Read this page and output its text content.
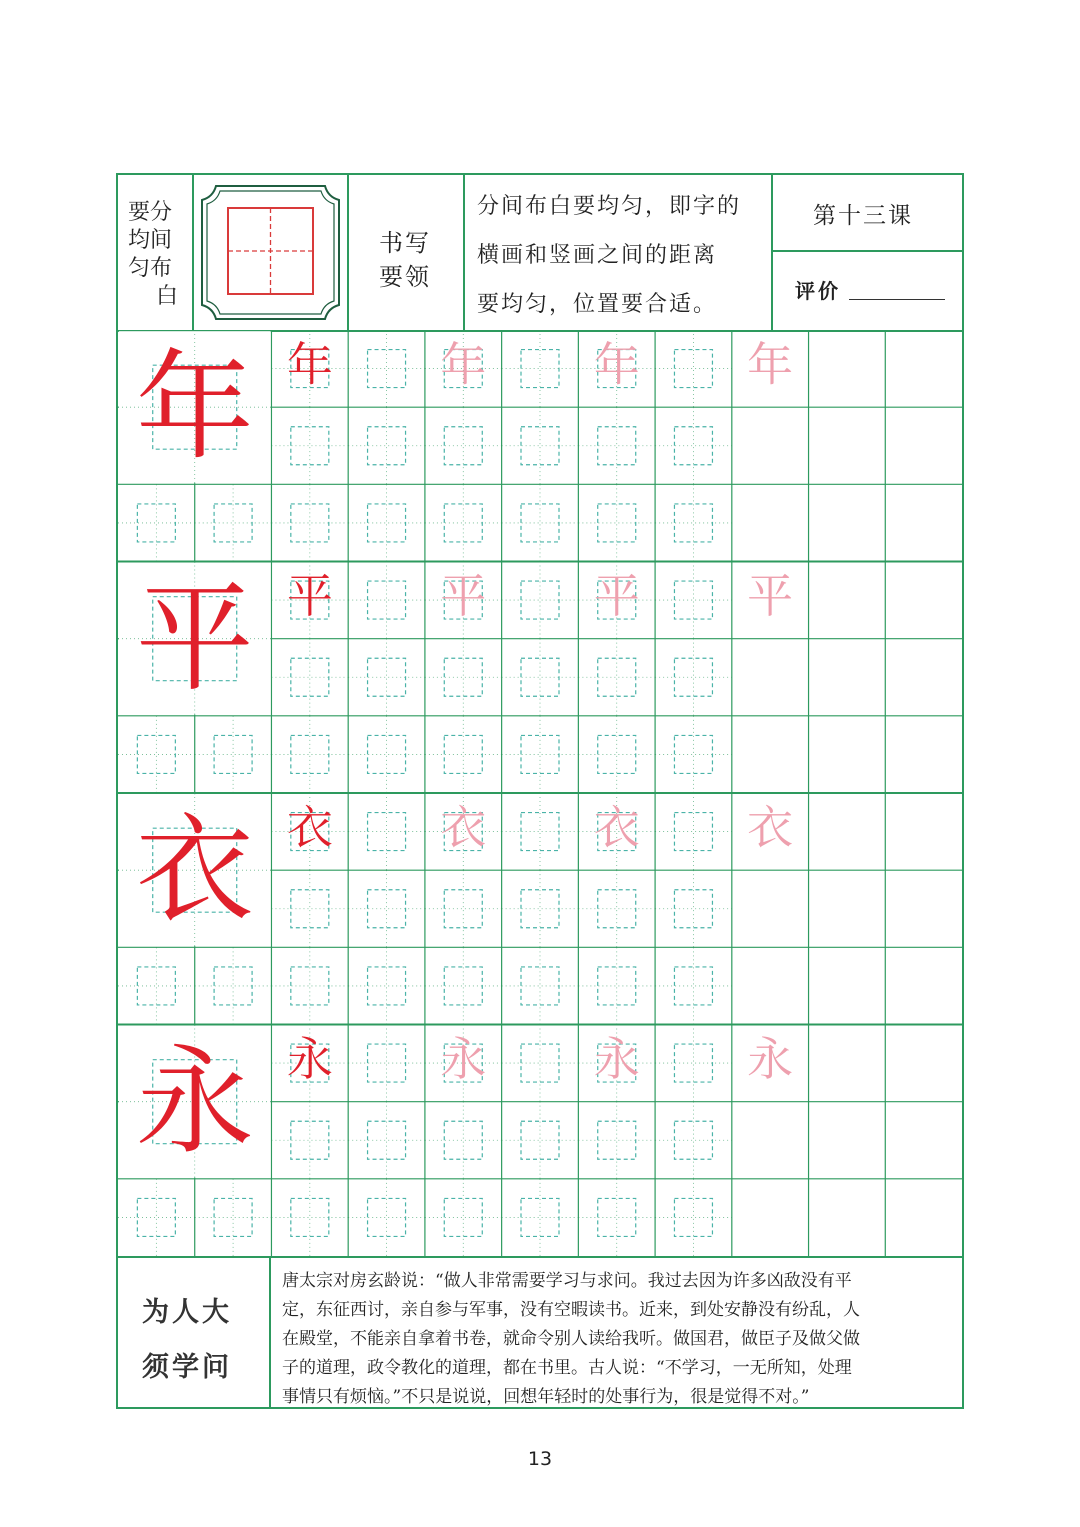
要分
均间
匀布
白
书写
要领
分间布白要均匀，即字的
横画和竖画之间的距离
要均匀，位置要合适。
第十三课
评价
年 年 年 年 年
平 平 平 平 平
衣 衣 衣 衣 衣
永 永 永 永 永
为人大
须学问
唐太宗对房玄龄说：“做人非常需要学习与求问。我过去因为许多凶敌没有平
定，东征西讨，亲自参与军事，没有空暇读书。近来，到处安静没有纷乱，人
在殿堂，不能亲自拿着书卷，就命令别人读给我听。做国君，做臣子及做父做
子的道理，政令教化的道理，都在书里。古人说：“不学习，一无所知，处理
事情只有烦恼。”不只是说说，回想年轻时的处事行为，很是觉得不对。”
13
